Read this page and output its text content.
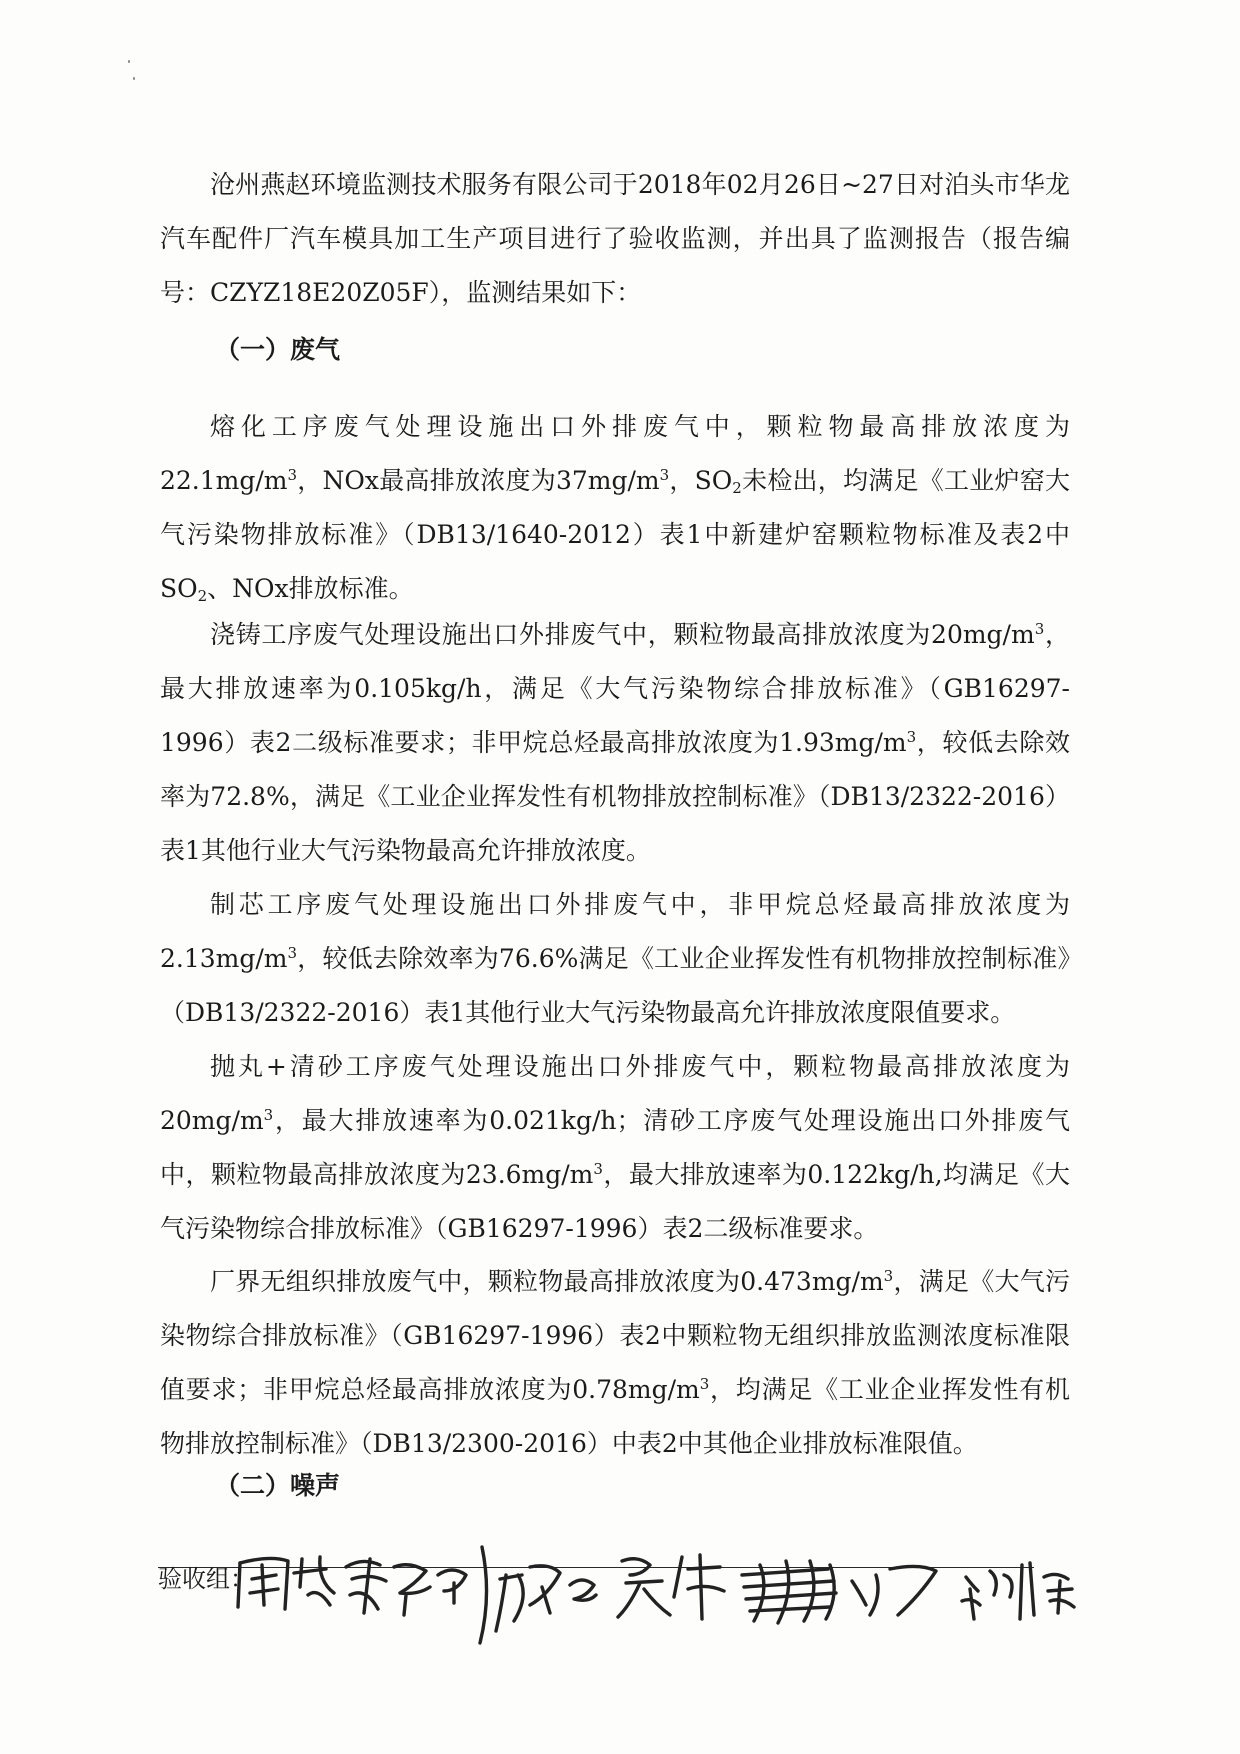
沧州燕赵环境监测技术服务有限公司于2018年02月26日~27日对泊头市华龙汽车配件厂汽车模具加工生产项目进行了验收监测，并出具了监测报告（报告编号：CZYZ18E20Z05F），监测结果如下：

（一）废气

熔化工序废气处理设施出口外排废气中，颗粒物最高排放浓度为$22.1mg/m^3$，NOx最高排放浓度为$37mg/m^3$，$SO_2$未检出，均满足《工业炉窑大气污染物排放标准》（DB13/1640-2012）表1中新建炉窑颗粒物标准及表2中$SO_2$、NOx排放标准。

浇铸工序废气处理设施出口外排废气中，颗粒物最高排放浓度为$20mg/m^3$，最大排放速率为0.105kg/h，满足《大气污染物综合排放标准》（GB16297-1996）表2二级标准要求；非甲烷总烃最高排放浓度为$1.93mg/m^3$，较低去除效率为72.8%，满足《工业企业挥发性有机物排放控制标准》（DB13/2322-2016）表1其他行业大气污染物最高允许排放浓度。

制芯工序废气处理设施出口外排废气中，非甲烷总烃最高排放浓度为$2.13mg/m^3$，较低去除效率为76.6%满足《工业企业挥发性有机物排放控制标准》（DB13/2322-2016）表1其他行业大气污染物最高允许排放浓度限值要求。

抛丸+清砂工序废气处理设施出口外排废气中，颗粒物最高排放浓度为$20mg/m^3$，最大排放速率为0.021kg/h；清砂工序废气处理设施出口外排废气中，颗粒物最高排放浓度为$23.6mg/m^3$，最大排放速率为0.122kg/h,均满足《大气污染物综合排放标准》（GB16297-1996）表2二级标准要求。

厂界无组织排放废气中，颗粒物最高排放浓度为$0.473mg/m^3$，满足《大气污染物综合排放标准》（GB16297-1996）表2中颗粒物无组织排放监测浓度标准限值要求；非甲烷总烃最高排放浓度为$0.78mg/m^3$，均满足《工业企业挥发性有机物排放控制标准》（DB13/2300-2016）中表2中其他企业排放标准限值。

（二）噪声
验收组：
